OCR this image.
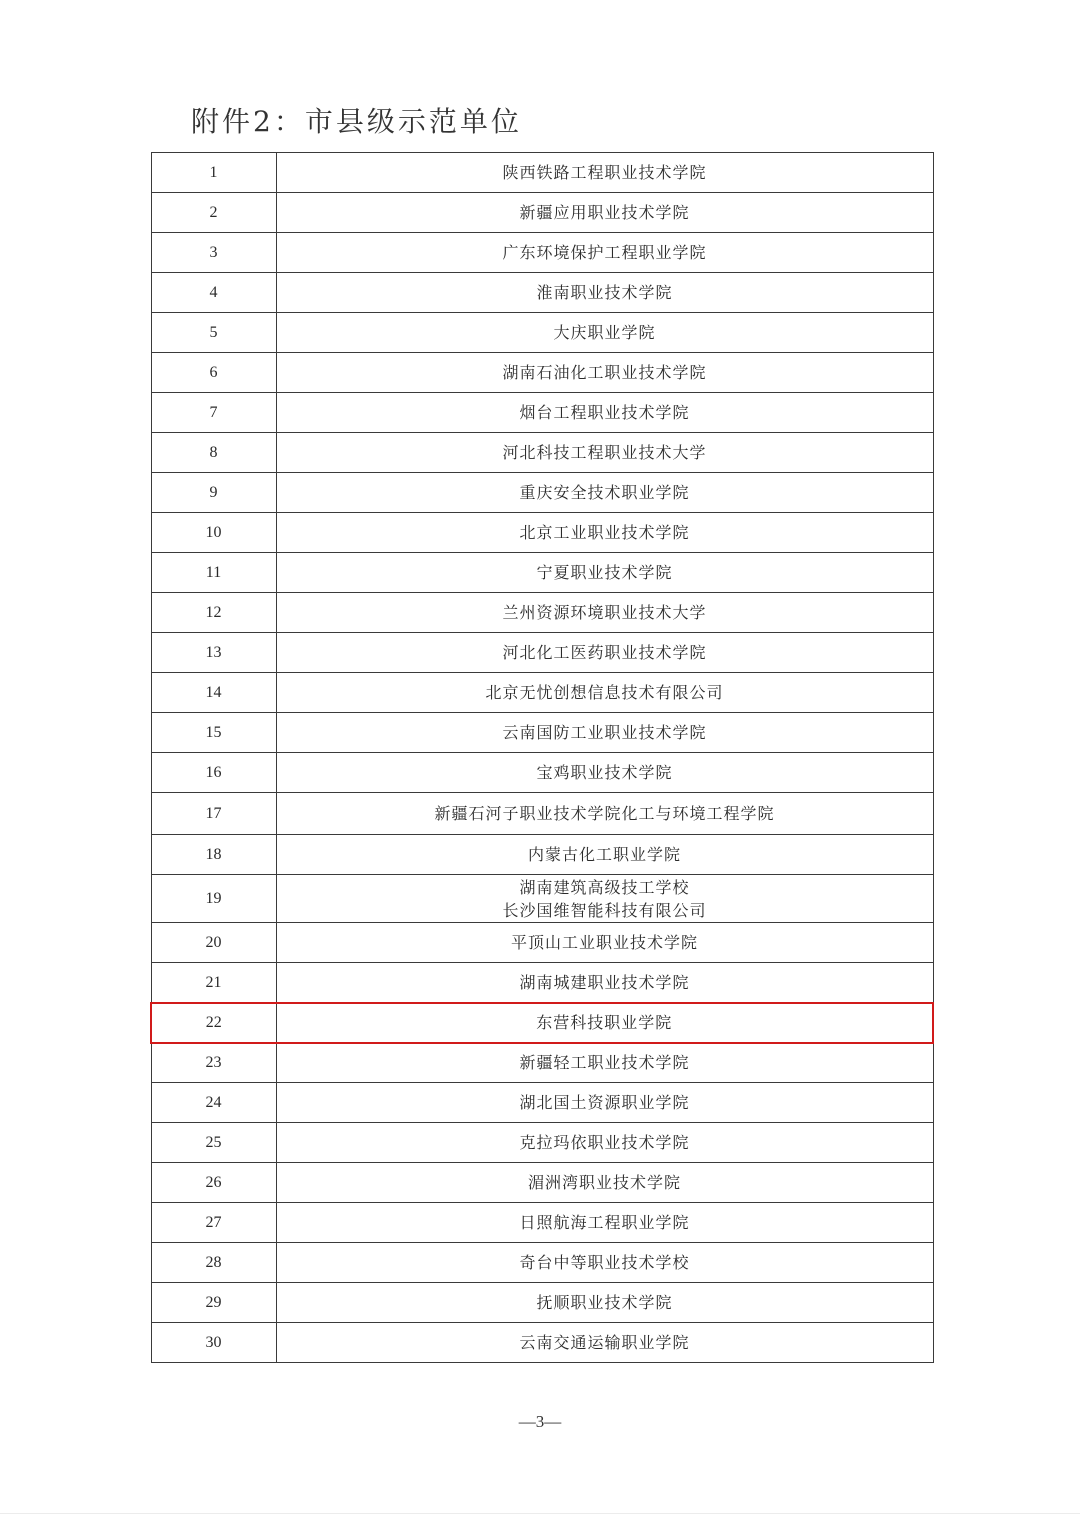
附件2：市县级示范单位
1	陕西铁路工程职业技术学院

2	新疆应用职业技术学院

3	广东环境保护工程职业学院

4	淮南职业技术学院

5	大庆职业学院

6	湖南石油化工职业技术学院

7	烟台工程职业技术学院

8	河北科技工程职业技术大学

9	重庆安全技术职业学院

10	北京工业职业技术学院

11	宁夏职业技术学院

12	兰州资源环境职业技术大学

13	河北化工医药职业技术学院

14	北京无忧创想信息技术有限公司

15	云南国防工业职业技术学院

16	宝鸡职业技术学院

17	新疆石河子职业技术学院化工与环境工程学院

18	内蒙古化工职业学院

19	湖南建筑高级技工学校
长沙国维智能科技有限公司

20	平顶山工业职业技术学院

21	湖南城建职业技术学院

22	东营科技职业学院

23	新疆轻工职业技术学院

24	湖北国土资源职业学院

25	克拉玛依职业技术学院

26	湄洲湾职业技术学院

27	日照航海工程职业学院

28	奇台中等职业技术学校

29	抚顺职业技术学院

30	云南交通运输职业学院
—3—
